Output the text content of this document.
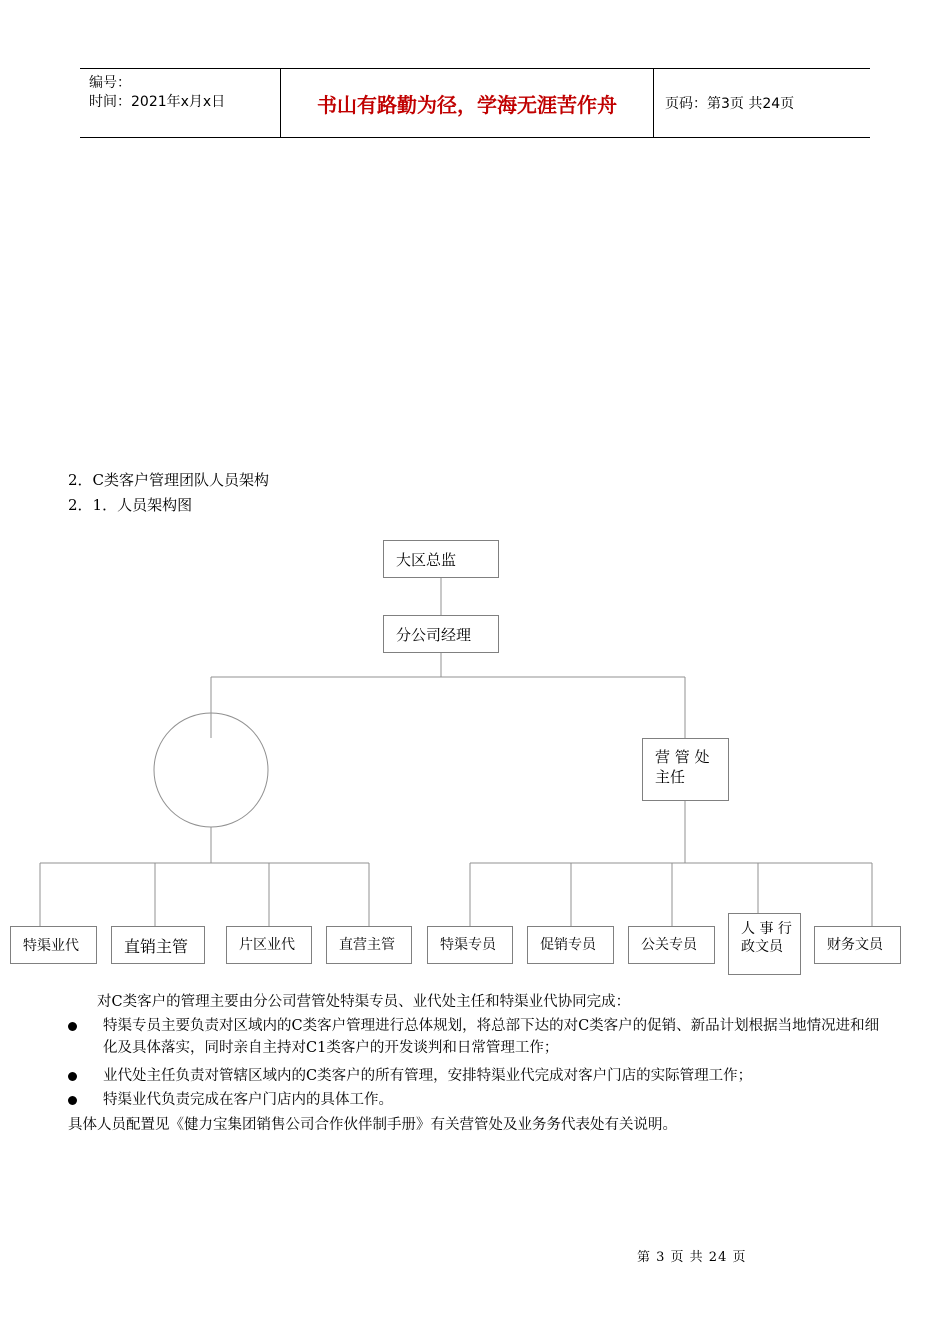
编号：
时间：2021年x月x日	书山有路勤为径，学海无涯苦作舟	页码：第3页 共24页
2．C类客户管理团队人员架构
2．1．人员架构图
大区总监
分公司经理
营 管 处 主任
特渠业代	直销主管	片区业代	直营主管	特渠专员	促销专员	公关专员
人 事 行 政文员	财务文员
对C类客户的管理主要由分公司营管处特渠专员、业代处主任和特渠业代协同完成：
特渠专员主要负责对区域内的C类客户管理进行总体规划，将总部下达的对C类客户的促销、新品计划根据当地情况进和细化及具体落实，同时亲自主持对C1类客户的开发谈判和日常管理工作；
业代处主任负责对管辖区域内的C类客户的所有管理，安排特渠业代完成对客户门店的实际管理工作；
特渠业代负责完成在客户门店内的具体工作。
具体人员配置见《健力宝集团销售公司合作伙伴制手册》有关营管处及业务务代表处有关说明。
第 3 页 共 24 页
